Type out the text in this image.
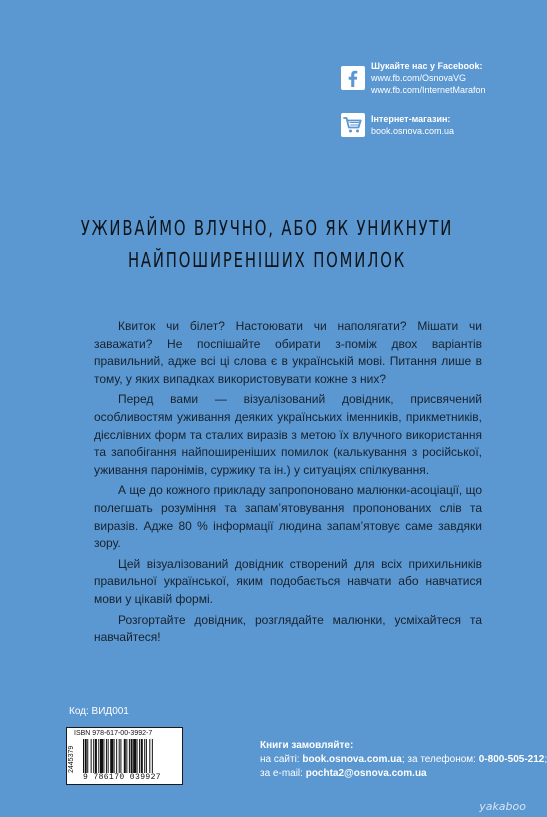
Шукайте нас у Facebook:
www.fb.com/OsnovaVG
www.fb.com/InternetMarafon
Інтернет-магазин:
book.osnova.com.ua
УЖИВАЙМО ВЛУЧНО, АБО ЯК УНИКНУТИ
НАЙПОШИРЕНІШИХ ПОМИЛОК

Квиток чи білет? Настоювати чи наполягати? Мішати чи заважати? Не поспішайте обирати з-поміж двох варіантів правильний, адже всі ці слова є в українській мові. Питання лише в тому, у яких випадках використовувати кожне з них?

Перед вами — візуалізований довідник, присвячений особливостям уживання деяких українських іменників, прикметників, дієслівних форм та сталих виразів з метою їх влучного використання та запобігання найпоширеніших помилок (калькування з російської, уживання паронімів, суржику та ін.) у ситуаціях спілкування.

А ще до кожного прикладу запропоновано малюнки-асоціації, що полегшать розуміння та запам’ятовування пропонованих слів та виразів. Адже 80 % інформації людина запам’ятовує саме завдяки зору.

Цей візуалізований довідник створений для всіх прихильників правильної української, яким подобається навчати або навчатися мови у цікавій формі.

Розгортайте довідник, розглядайте малюнки, усміхайтеся та навчайтеся!

Код: ВИД001
ISBN 978-617-00-3992-7
2445379
9 786170 039927
Книги замовляйте:
на сайті: book.osnova.com.ua; за телефоном: 0-800-505-212;
за e-mail: pochta2@osnova.com.ua
yakaboo
